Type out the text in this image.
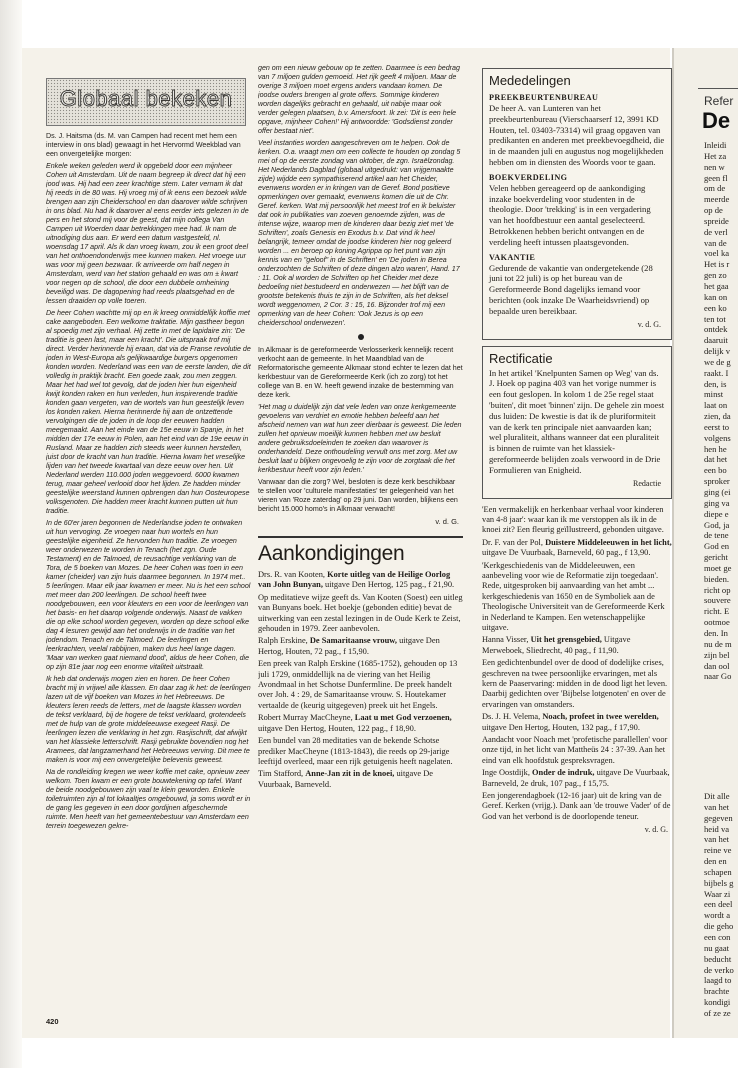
Globaal bekeken

Ds. J. Haitsma (ds. M. van Campen had recent met hem een interview in ons blad) gewaagt in het Hervormd Weekblad van een onvergetelijke morgen:

Enkele weken geleden werd ik opgebeld door een mijnheer Cohen uit Amsterdam. Uit de naam begreep ik direct dat hij een jood was. Hij had een zeer krachtige stem. Later vernam ik dat hij reeds in de 80 was. Hij vroeg mij of ik eens een bezoek wilde brengen aan zijn Cheiderschool en dan daarover wilde schrijven in ons blad. Nu had ik daarover al eens eerder iets gelezen in de pers en het stond mij voor de geest, dat mijn collega Van Campen uit Woerden daar betrekkingen mee had. Ik nam de uitnodiging dus aan. Er werd een datum vastgesteld, nl. woensdag 17 april. Als ik dan vroeg kwam, zou ik een groot deel van het onthoendonderwijs mee kunnen maken. Het vroege uur was voor mij geen bezwaar. Ik arriveerde om half negen in Amsterdam, werd van het station gehaald en was om ± kwart voor negen op de school, die door een dubbele omheining beveiligd was. De dagopening had reeds plaatsgehad en de lessen draaiden op volle toeren.

De heer Cohen wachtte mij op en ik kreeg onmiddellijk koffie met cake aangeboden. Een welkome traktatie. Mijn gastheer begon al spoedig met zijn verhaal. Hij zette in met de lapidaire zin: 'De traditie is geen last, maar een kracht'. Die uitspraak trof mij direct. Verder herinnerde hij eraan, dat via de Franse revolutie de joden in West-Europa als gelijkwaardige burgers opgenomen konden worden. Nederland was een van de eerste landen, die dit volledig in praktijk bracht. Een goede zaak, zou men zeggen. Maar het had wel tot gevolg, dat de joden hier hun eigenheid kwijt konden raken en hun verleden, hun inspirerende traditie konden gaan vergeten, van de wortels van hun geestelijk leven los konden raken. Hierna herinnerde hij aan de ontzettende vervolgingen die de joden in de loop der eeuwen hadden meegemaakt. Aan het einde van de 15e eeuw in Spanje, in het midden der 17e eeuw in Polen, aan het eind van de 19e eeuw in Rusland. Maar ze hadden zich steeds weer kunnen herstellen, juist door de kracht van hun traditie. Hierna kwam het vreselijke lijden van het tweede kwartaal van deze eeuw over hen. Uit Nederland werden 110.000 joden weggevoerd. 6000 kwamen terug, maar geheel verlooid door het lijden. Ze hadden minder geestelijke weerstand kunnen opbrengen dan hun Oosteuropese volksgenoten. Die hadden meer kracht kunnen putten uit hun traditie.

In de 60'er jaren begonnen de Nederlandse joden te ontwaken uit hun vervoging. Ze vroegen naar hun wortels en hun geestelijke eigenheid. Ze hervonden hun traditie. Ze vroegen weer onderwezen te worden in Tenach (het zgn. Oude Testament) en de Talmoed, de reusachtige verklaring van de Tora, de 5 boeken van Mozes. De heer Cohen was toen in een kamer (cheider) van zijn huis daarmee begonnen. In 1974 met.. 5 leerlingen. Maar elk jaar kwamen er meer. Nu is het een school met meer dan 200 leerlingen. De school heeft twee noodgebouwen, een voor kleuters en een voor de leerlingen van het basis- en het daarop volgende onderwijs. Naast de vakken die op elke school worden gegeven, worden op deze school elke dag 4 lesuren gewijd aan het onderwijs in de traditie van het jodendom. Tenach en de Talmoed. De leerlingen en leerkrachten, veelal rabbijnen, maken dus heel lange dagen. 'Maar van werken gaat niemand dood', aldus de heer Cohen, die op zijn 81e jaar nog een enorme vitaliteit uitstraalt.

Ik heb dat onderwijs mogen zien en horen. De heer Cohen bracht mij in vrijwel alle klassen. En daar zag ik het: de leerlingen lazen uit de vijf boeken van Mozes in het Hebreeuws. De kleuters leren reeds de letters, met de laagste klassen worden de tekst verklaard, bij de hogere de tekst verklaard, grotendeels met de hulp van de grote middeleeuwse exegeet Rasji. De leerlingen lezen die verklaring in het zgn. Rasjischrift, dat afwijkt van het klassieke letterschrift. Rasji gebruikte bovendien nog het Aramees, dat langzamerhand het Hebreeuws verving. Dit mee te maken is voor mij een onvergetelijke belevenis geweest.

Na de rondleiding kregen we weer koffie met cake, opnieuw zeer welkom. Toen kwam er een grote bouwtekening op tafel. Want de beide noodgebouwen zijn vaal te klein geworden. Enkele toiletruimten zijn al tot lokaaltjes omgebouwd, ja soms wordt er in de gang les gegeven in een door gordijnen afgeschermde ruimte. Men heeft van het gemeentebestuur van Amsterdam een terrein toegewezen gekre-

gen om een nieuw gebouw op te zetten. Daarmee is een bedrag van 7 miljoen gulden gemoeid. Het rijk geeft 4 miljoen. Maar de overige 3 miljoen moet ergens anders vandaan komen. De joodse ouders brengen al grote offers. Sommige kinderen worden dagelijks gebracht en gehaald, uit nabije maar ook verder gelegen plaatsen, b.v. Amersfoort. Ik zei: 'Dit is een hele opgave, mijnheer Cohen!' Hij antwoordde: 'Godsdienst zonder offer bestaat niet'.

Veel instanties worden aangeschreven om te helpen. Ook de kerken. O.a. vraagt men om een collecte te houden op zondag 5 mei of op de eerste zondag van oktober, de zgn. Israëlzondag. Het Nederlands Dagblad (globaal uitgedrukt: van vrijgemaakte zijde) wijdde een sympathiserend artikel aan het Cheider, evenwens worden er in kringen van de Geref. Bond positieve opmerkingen over gemaakt, evenwens komen die uit de Chr. Geref. kerken. Wat mij persoonlijk het meest trof en ik beluister dat ook in publikaties van zoeven genoemde zijden, was de intense wijze, waarop men de kinderen daar bezig ziet met 'de Schriften', zoals Genesis en Exodus b.v. Dat vind ik heel belangrijk, temeer omdat de joodse kinderen hier nog geleerd worden ... en beroep op koning Agrippa op het punt van zijn kennis van en "geloof" in de Schriften' en 'De joden in Berea onderzochten de Schriften of deze dingen alzo waren', Hand. 17 : 11. Ook al worden de Schriften op het Cheider met deze bedoeling niet bestudeerd en onderwezen — het blijft van de grootste betekenis thuis te zijn in de Schriften, als het deksel wordt weggenomen, 2 Cor. 3 : 15, 16. Bijzonder trof mij een opmerking van de heer Cohen: 'Ook Jezus is op een cheiderschool onderwezen'.

In Alkmaar is de gereformeerde Verlosserkerk kennelijk recent verkocht aan de gemeente. In het Maandblad van de Reformatorische gemeente Alkmaar stond echter te lezen dat het kerkbestuur van de Gereformeerde Kerk (ich zo zorg) tot het college van B. en W. heeft gewend inzake de bestemming van deze kerk.

'Het mag u duidelijk zijn dat vele leden van onze kerkgemeente gevoelens van verdriet en emotie hebben beleefd aan het afscheid nemen van wat hun zeer dierbaar is geweest. Die leden zullen het opnieuw moeilijk kunnen hebben met uw besluit andere gebruiksdoeleinden te zoeken dan waarover is onderhandeld. Deze onthoudeling vervult ons met zorg. Met uw besluit laat u blijken ongevoelig te zijn voor de zorgtaak die het kerkbestuur heeft voor zijn leden.'

Vanwaar dan die zorg? Wel, besloten is deze kerk beschikbaar te stellen voor 'culturele manifestaties' ter gelegenheid van het vieren van 'Roze zaterdag' op 29 juni. Dan worden, blijkens een bericht 15.000 homo's in Alkmaar verwacht!

v. d. G.
Aankondigingen

Drs. R. van Kooten, Korte uitleg van de Heilige Oorlog van John Bunyan, uitgave Den Hertog, 125 pag., f 21,90.

Op meditatieve wijze geeft ds. Van Kooten (Soest) een uitleg van Bunyans boek. Het boekje (gebonden editie) bevat de uitwerking van een zestal lezingen in de Oude Kerk te Zeist, gehouden in 1979. Zeer aanbevolen.

Ralph Erskine, De Samaritaanse vrouw, uitgave Den Hertog, Houten, 72 pag., f 15,90.

Een preek van Ralph Erskine (1685-1752), gehouden op 13 juli 1729, onmiddellijk na de viering van het Heilig Avondmaal in het Schotse Dunfermline. De preek handelt over Joh. 4 : 29, de Samaritaanse vrouw. S. Houtekamer vertaalde de (keurig uitgegeven) preek uit het Engels.

Robert Murray MacCheyne, Laat u met God verzoenen, uitgave Den Hertog, Houten, 122 pag., f 18,90.

Een bundel van 28 meditaties van de bekende Schotse prediker MacCheyne (1813-1843), die reeds op 29-jarige leeftijd overleed, maar een rijk getuigenis heeft nagelaten.

Tim Stafford, Anne-Jan zit in de knoei, uitgave De Vuurbaak, Barneveld.

Mededelingen
PREEKBEURTENBUREAU

De heer A. van Lunteren van het preekbeurtenbureau (Vierschaarserf 12, 3991 KD Houten, tel. 03403-73314) wil graag opgaven van predikanten en anderen met preekbevoegdheid, die in de maanden juli en augustus nog mogelijkheden hebben om in diensten des Woords voor te gaan.

BOEKVERDELING

Velen hebben gereageerd op de aankondiging inzake boekverdeling voor studenten in de theologie. Door 'trekking' is in een vergadering van het hoofdbestuur een aantal geselecteerd. Betrokkenen hebben bericht ontvangen en de verdeling heeft intussen plaatsgevonden.

VAKANTIE

Gedurende de vakantie van ondergetekende (28 juni tot 22 juli) is op het bureau van de Gereformeerde Bond dagelijks iemand voor berichten (ook inzake De Waarheidsvriend) op bepaalde uren bereikbaar.

v. d. G.
Rectificatie

In het artikel 'Knelpunten Samen op Weg' van ds. J. Hoek op pagina 403 van het vorige nummer is een fout geslopen. In kolom 1 de 25e regel staat 'buiten', dit moet 'binnen' zijn. De gehele zin moest dus luiden: De kwestie is dat ik de pluriformiteit van de kerk ten principale niet aanvaarden kan; wel pluraliteit, althans wanneer dat een pluraliteit is binnen de ruimte van het klassiek-gereformeerde belijden zoals verwoord in de Drie Formulieren van Enigheid.

Redactie

'Een vermakelijk en herkenbaar verhaal voor kinderen van 4-8 jaar': waar kan ik me verstoppen als ik in de knoei zit? Een fleurig geïllustreerd, gebonden uitgave.

Dr. F. van der Pol, Duistere Middeleeuwen in het licht, uitgave De Vuurbaak, Barneveld, 60 pag., f 13,90.

'Kerkgeschiedenis van de Middeleeuwen, een aanbeveling voor wie de Reformatie zijn toegedaan'. Rede, uitgesproken bij aanvaarding van het ambt ... kerkgeschiedenis van 1650 en de Symboliek aan de Theologische Universiteit van de Gereformeerde Kerk in Nederland te Kampen. Een wetenschappelijke uitgave.

Hanna Visser, Uit het grensgebied, Uitgave Merweboek, Sliedrecht, 40 pag., f 11,90.

Een gedichtenbundel over de dood of dodelijke crises, geschreven na twee persoonlijke ervaringen, met als kern de Paaservaring: midden in de dood ligt het leven. Daarbij gedichten over 'Bijbelse lotgenoten' en over de ervaringen van omstanders.

Ds. J. H. Velema, Noach, profeet in twee werelden, uitgave Den Hertog, Houten, 132 pag., f 17,90.

Aandacht voor Noach met 'profetische parallellen' voor onze tijd, in het licht van Mattheüs 24 : 37-39. Aan het eind van elk hoofdstuk gespreksvragen.

Inge Oostdijk, Onder de indruk, uitgave De Vuurbaak, Barneveld, 2e druk, 107 pag., f 15,75.

Een jongerendagboek (12-16 jaar) uit de kring van de Geref. Kerken (vrijg.). Dank aan 'de trouwe Vader' of de God van het verbond is de doorlopende teneur.

v. d. G.
420
Refer
De
Inleidi
Het za
nen w
geen fl
om de
meerde
op de
spreide
de verl
van de
voel ka
Het is r
gen zo
het gaa
kan on
een ko
ten tot
ontdek
daaruit
delijk v
we de g
raakt. I
den, is
minst
laat on
zien, da
eerst to
volgens
hen he
dat het
een bo
sproker
ging (ei
ging va
diepe e
God, ja
de tene
God en
gericht
moet ge
bieden.
richt op
souvere
richt. E
ootmoe
den. In
nu de m
zijn bel
dan ool
naar Go
Dit alle
van het
gegeven
heid va
van het
reine ve
den en
schapen
bijbels g
Waar zi
een deel
wordt a
die geho
een con
nu gaat
beducht
de verko
laagd to
brachte
kondigi
of ze ze
